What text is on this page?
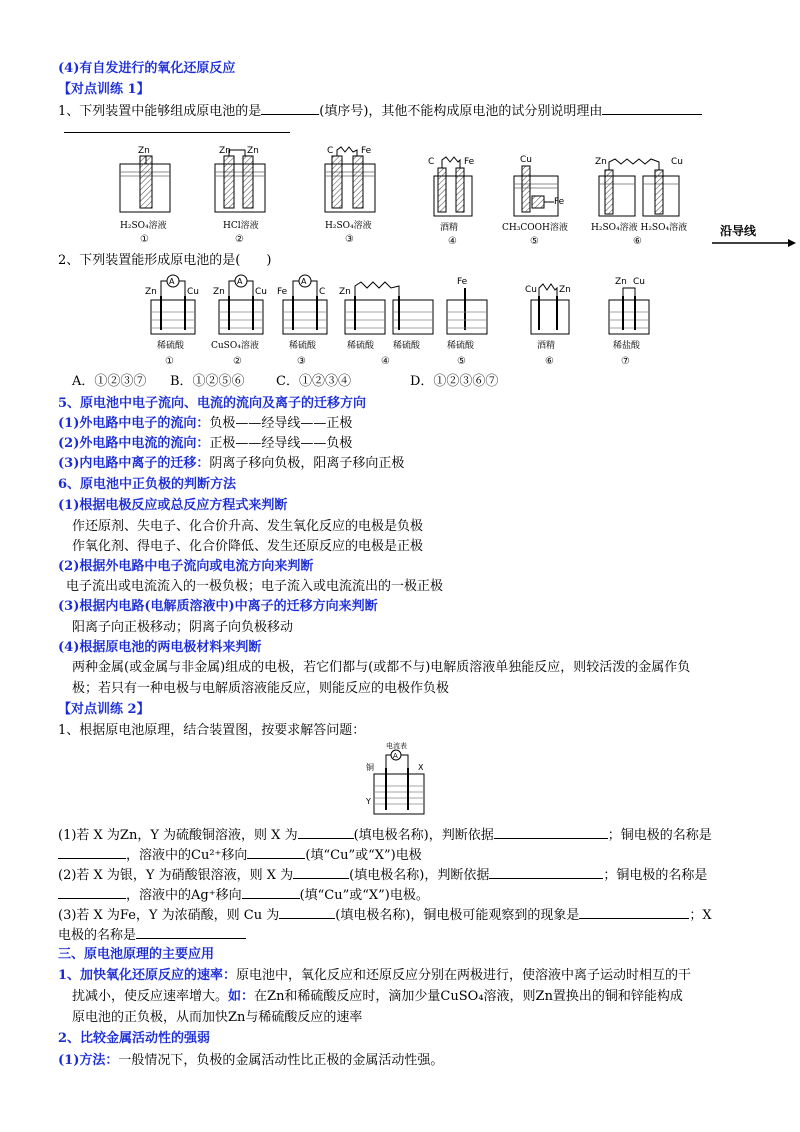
(4)有自发进行的氧化还原反应
【对点训练 1】
1、下列装置中能够组成原电池的是	(填序号)，其他不能构成原电池的试分别说明理由
Zn
H₂SO₄溶液
①
Zn Zn
HCl溶液
②
C	Fe
H₂SO₄溶液
③
C	Fe
酒精
④
Cu
Fe
CH₃COOH溶液
⑤
Zn	Cu
H₂SO₄溶液 H₂SO₄溶液
⑥
沿导线
2、下列装置能形成原电池的是(　　)
A
Zn	Cu
稀硫酸
①
A
Zn	Cu
CuSO₄溶液
②
A
Fe	C
稀硫酸
③
Zn
稀硫酸
④
稀硫酸
Fe
稀硫酸
⑤
Cu Zn
酒精
⑥
Zn Cu
稀盐酸
⑦
A．①②③⑦ B．①②⑤⑥ C．①②③④	D．①②③⑥⑦
5、原电池中电子流向、电流的流向及离子的迁移方向
(1)外电路中电子的流向：负极——经导线——正极
(2)外电路中电流的流向：正极——经导线——负极
(3)内电路中离子的迁移：阴离子移向负极，阳离子移向正极
6、原电池中正负极的判断方法
(1)根据电极反应或总反应方程式来判断
作还原剂、失电子、化合价升高、发生氧化反应的电极是负极
作氧化剂、得电子、化合价降低、发生还原反应的电极是正极
(2)根据外电路中电子流向或电流方向来判断
电子流出或电流流入的一极负极；电子流入或电流流出的一极正极
(3)根据内电路(电解质溶液中)中离子的迁移方向来判断
阳离子向正极移动；阴离子向负极移动
(4)根据原电池的两电极材料来判断
两种金属(或金属与非金属)组成的电极，若它们都与(或都不与)电解质溶液单独能反应，则较活泼的金属作负
极；若只有一种电极与电解质溶液能反应，则能反应的电极作负极
【对点训练 2】
1、根据原电池原理，结合装置图，按要求解答问题：
电流表
A
铜	X
Y
(1)若 X 为Zn，Y 为硫酸铜溶液，则 X 为	(填电极名称)，判断依据	；铜电极的名称是
，溶液中的Cu²⁺移向	(填“Cu”或“X”)电极
(2)若 X 为银，Y 为硝酸银溶液，则 X 为	(填电极名称)，判断依据	；铜电极的名称是
，溶液中的Ag⁺移向	(填“Cu”或“X”)电极。
(3)若 X 为Fe，Y 为浓硝酸，则 Cu 为	(填电极名称)，铜电极可能观察到的现象是	；X
电极的名称是
三、原电池原理的主要应用
1、加快氧化还原反应的速率：原电池中，氧化反应和还原反应分别在两极进行，使溶液中离子运动时相互的干
扰减小，使反应速率增大。如：在Zn和稀硫酸反应时，滴加少量CuSO₄溶液，则Zn置换出的铜和锌能构成
原电池的正负极，从而加快Zn与稀硫酸反应的速率
2、比较金属活动性的强弱
(1)方法：一般情况下，负极的金属活动性比正极的金属活动性强。
